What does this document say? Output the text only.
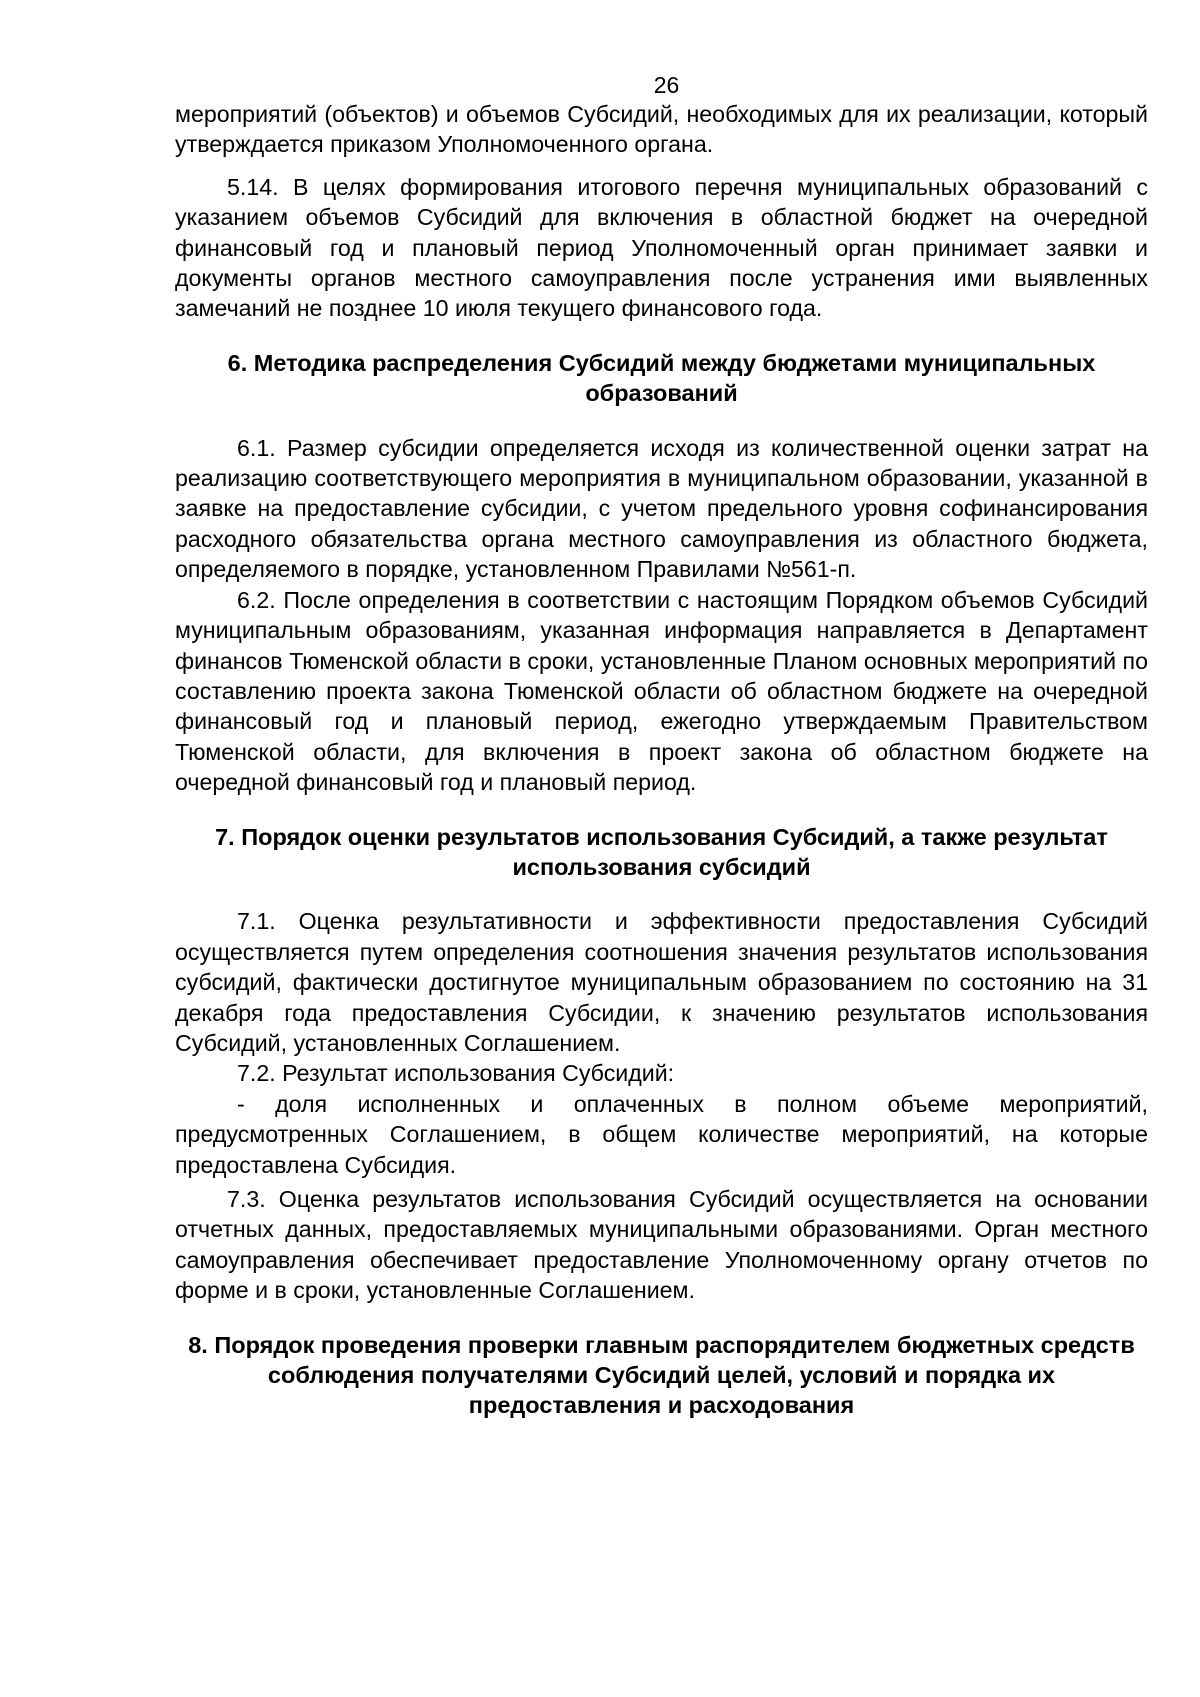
26

мероприятий (объектов) и объемов Субсидий, необходимых для их реализации, который утверждается приказом Уполномоченного органа.

5.14. В целях формирования итогового перечня муниципальных образований с указанием объемов Субсидий для включения в областной бюджет на очередной финансовый год и плановый период Уполномоченный орган принимает заявки и документы органов местного самоуправления после устранения ими выявленных замечаний не позднее 10 июля текущего финансового года.

6. Методика распределения Субсидий между бюджетами муниципальных образований

6.1. Размер субсидии определяется исходя из количественной оценки затрат на реализацию соответствующего мероприятия в муниципальном образовании, указанной в заявке на предоставление субсидии, с учетом предельного уровня софинансирования расходного обязательства органа местного самоуправления из областного бюджета, определяемого в порядке, установленном Правилами №561-п.

6.2. После определения в соответствии с настоящим Порядком объемов Субсидий муниципальным образованиям, указанная информация направляется в Департамент финансов Тюменской области в сроки, установленные Планом основных мероприятий по составлению проекта закона Тюменской области об областном бюджете на очередной финансовый год и плановый период, ежегодно утверждаемым Правительством Тюменской области, для включения в проект закона об областном бюджете на очередной финансовый год и плановый период.

7. Порядок оценки результатов использования Субсидий, а также результат использования субсидий

7.1. Оценка результативности и эффективности предоставления Субсидий осуществляется путем определения соотношения значения результатов использования субсидий, фактически достигнутое муниципальным образованием по состоянию на 31 декабря года предоставления Субсидии, к значению результатов использования Субсидий, установленных Соглашением.

7.2. Результат использования Субсидий:

- доля исполненных и оплаченных в полном объеме мероприятий, предусмотренных Соглашением, в общем количестве мероприятий, на которые предоставлена Субсидия.

7.3. Оценка результатов использования Субсидий осуществляется на основании отчетных данных, предоставляемых муниципальными образованиями. Орган местного самоуправления обеспечивает предоставление Уполномоченному органу отчетов по форме и в сроки, установленные Соглашением.

8. Порядок проведения проверки главным распорядителем бюджетных средств соблюдения получателями Субсидий целей, условий и порядка их предоставления и расходования
